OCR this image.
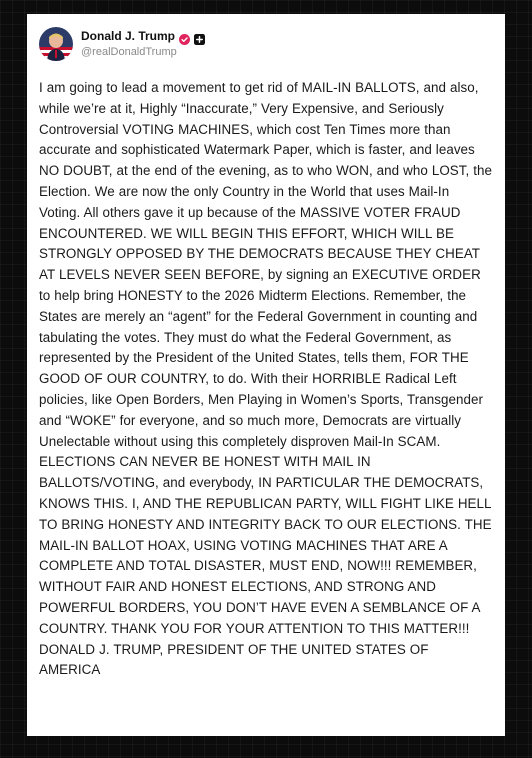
Donald J. Trump
@realDonaldTrump
I am going to lead a movement to get rid of MAIL-IN BALLOTS, and also, while we’re at it, Highly “Inaccurate,” Very Expensive, and Seriously Controversial VOTING MACHINES, which cost Ten Times more than accurate and sophisticated Watermark Paper, which is faster, and leaves NO DOUBT, at the end of the evening, as to who WON, and who LOST, the Election. We are now the only Country in the World that uses Mail-In Voting. All others gave it up because of the MASSIVE VOTER FRAUD ENCOUNTERED. WE WILL BEGIN THIS EFFORT, WHICH WILL BE STRONGLY OPPOSED BY THE DEMOCRATS BECAUSE THEY CHEAT AT LEVELS NEVER SEEN BEFORE, by signing an EXECUTIVE ORDER to help bring HONESTY to the 2026 Midterm Elections. Remember, the States are merely an “agent” for the Federal Government in counting and tabulating the votes. They must do what the Federal Government, as represented by the President of the United States, tells them, FOR THE GOOD OF OUR COUNTRY, to do. With their HORRIBLE Radical Left policies, like Open Borders, Men Playing in Women’s Sports, Transgender and “WOKE” for everyone, and so much more, Democrats are virtually Unelectable without using this completely disproven Mail-In SCAM. ELECTIONS CAN NEVER BE HONEST WITH MAIL IN BALLOTS/VOTING, and everybody, IN PARTICULAR THE DEMOCRATS, KNOWS THIS. I, AND THE REPUBLICAN PARTY, WILL FIGHT LIKE HELL TO BRING HONESTY AND INTEGRITY BACK TO OUR ELECTIONS. THE MAIL-IN BALLOT HOAX, USING VOTING MACHINES THAT ARE A COMPLETE AND TOTAL DISASTER, MUST END, NOW!!! REMEMBER, WITHOUT FAIR AND HONEST ELECTIONS, AND STRONG AND POWERFUL BORDERS, YOU DON’T HAVE EVEN A SEMBLANCE OF A COUNTRY. THANK YOU FOR YOUR ATTENTION TO THIS MATTER!!! DONALD J. TRUMP, PRESIDENT OF THE UNITED STATES OF AMERICA
